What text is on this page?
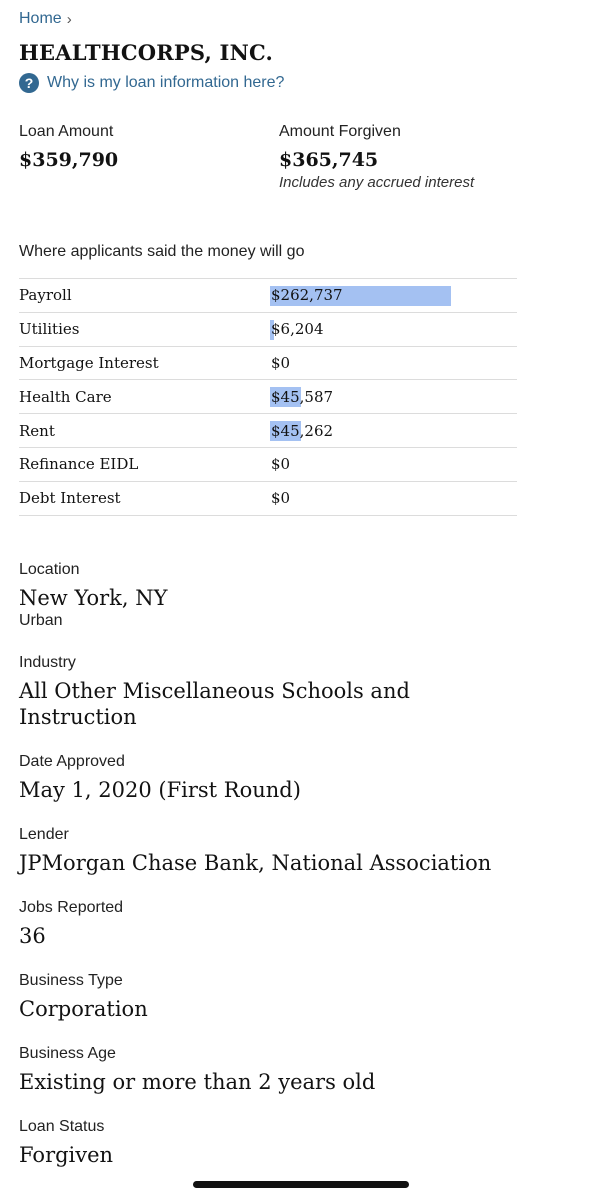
Home ›
HEALTHCORPS, INC.
? Why is my loan information here?
Loan Amount
$359,790
Amount Forgiven
$365,745
Includes any accrued interest
Where applicants said the money will go
Payroll	$262,737
Utilities	$6,204
Mortgage Interest	$0
Health Care	$45,587
Rent	$45,262
Refinance EIDL	$0
Debt Interest	$0
Location
New York, NY
Urban
Industry
All Other Miscellaneous Schools and Instruction
Date Approved
May 1, 2020 (First Round)
Lender
JPMorgan Chase Bank, National Association
Jobs Reported
36
Business Type
Corporation
Business Age
Existing or more than 2 years old
Loan Status
Forgiven
